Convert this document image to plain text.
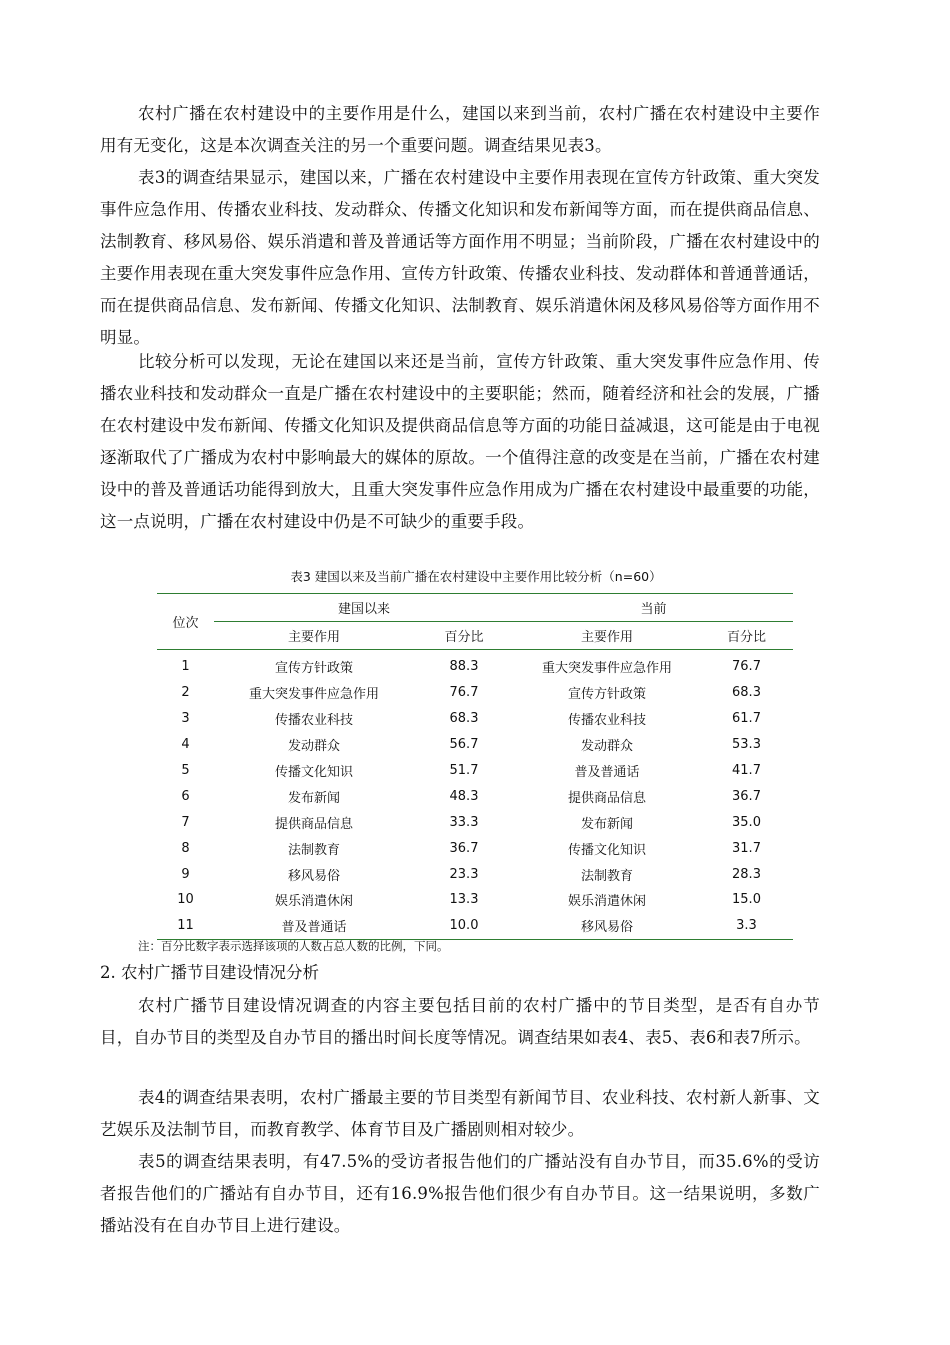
农村广播在农村建设中的主要作用是什么，建国以来到当前，农村广播在农村建设中主要作用有无变化，这是本次调查关注的另一个重要问题。调查结果见表3。

表3的调查结果显示，建国以来，广播在农村建设中主要作用表现在宣传方针政策、重大突发事件应急作用、传播农业科技、发动群众、传播文化知识和发布新闻等方面，而在提供商品信息、法制教育、移风易俗、娱乐消遣和普及普通话等方面作用不明显；当前阶段，广播在农村建设中的主要作用表现在重大突发事件应急作用、宣传方针政策、传播农业科技、发动群体和普通普通话，而在提供商品信息、发布新闻、传播文化知识、法制教育、娱乐消遣休闲及移风易俗等方面作用不明显。

比较分析可以发现，无论在建国以来还是当前，宣传方针政策、重大突发事件应急作用、传播农业科技和发动群众一直是广播在农村建设中的主要职能；然而，随着经济和社会的发展，广播在农村建设中发布新闻、传播文化知识及提供商品信息等方面的功能日益减退，这可能是由于电视逐渐取代了广播成为农村中影响最大的媒体的原故。一个值得注意的改变是在当前，广播在农村建设中的普及普通话功能得到放大，且重大突发事件应急作用成为广播在农村建设中最重要的功能，这一点说明，广播在农村建设中仍是不可缺少的重要手段。

表3 建国以来及当前广播在农村建设中主要作用比较分析（n=60）
位次	建国以来		当前	
	主要作用	百分比	主要作用	百分比
1	宣传方针政策	88.3	重大突发事件应急作用	76.7
2	重大突发事件应急作用	76.7	宣传方针政策	68.3
3	传播农业科技	68.3	传播农业科技	61.7
4	发动群众	56.7	发动群众	53.3
5	传播文化知识	51.7	普及普通话	41.7
6	发布新闻	48.3	提供商品信息	36.7
7	提供商品信息	33.3	发布新闻	35.0
8	法制教育	36.7	传播文化知识	31.7
9	移风易俗	23.3	法制教育	28.3
10	娱乐消遣休闲	13.3	娱乐消遣休闲	15.0
11	普及普通话	10.0	移风易俗	3.3
注：百分比数字表示选择该项的人数占总人数的比例，下同。
2. 农村广播节目建设情况分析

农村广播节目建设情况调查的内容主要包括目前的农村广播中的节目类型，是否有自办节目，自办节目的类型及自办节目的播出时间长度等情况。调查结果如表4、表5、表6和表7所示。

表4的调查结果表明，农村广播最主要的节目类型有新闻节目、农业科技、农村新人新事、文艺娱乐及法制节目，而教育教学、体育节目及广播剧则相对较少。

表5的调查结果表明，有47.5%的受访者报告他们的广播站没有自办节目，而35.6%的受访者报告他们的广播站有自办节目，还有16.9%报告他们很少有自办节目。这一结果说明，多数广播站没有在自办节目上进行建设。
